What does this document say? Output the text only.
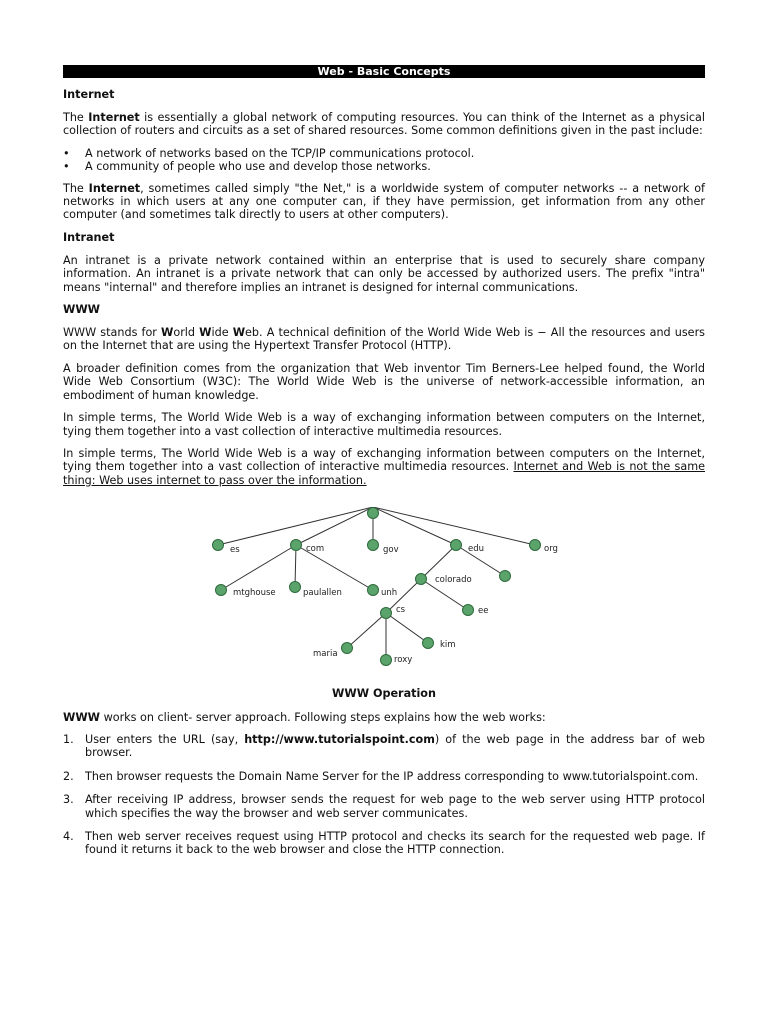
Web - Basic Concepts
Internet

The Internet is essentially a global network of computing resources. You can think of the Internet as a physical collection of routers and circuits as a set of shared resources. Some common definitions given in the past include:

• A network of networks based on the TCP/IP communications protocol.
• A community of people who use and develop those networks.

The Internet, sometimes called simply "the Net," is a worldwide system of computer networks -- a network of networks in which users at any one computer can, if they have permission, get information from any other computer (and sometimes talk directly to users at other computers).

Intranet

An intranet is a private network contained within an enterprise that is used to securely share company information. An intranet is a private network that can only be accessed by authorized users. The prefix "intra" means "internal" and therefore implies an intranet is designed for internal communications.

WWW

WWW stands for World Wide Web. A technical definition of the World Wide Web is − All the resources and users on the Internet that are using the Hypertext Transfer Protocol (HTTP).

A broader definition comes from the organization that Web inventor Tim Berners-Lee helped found, the World Wide Web Consortium (W3C): The World Wide Web is the universe of network-accessible information, an embodiment of human knowledge.

In simple terms, The World Wide Web is a way of exchanging information between computers on the Internet, tying them together into a vast collection of interactive multimedia resources.

In simple terms, The World Wide Web is a way of exchanging information between computers on the Internet, tying them together into a vast collection of interactive multimedia resources. Internet and Web is not the same thing: Web uses internet to pass over the information.

es	com	gov	edu	org
mtghouse	paulallen	unh
colorado
cs	ee
maria
roxy
kim
WWW Operation

WWW works on client- server approach. Following steps explains how the web works:

1. User enters the URL (say, http://www.tutorialspoint.com) of the web page in the address bar of web browser.
2. Then browser requests the Domain Name Server for the IP address corresponding to www.tutorialspoint.com.
3. After receiving IP address, browser sends the request for web page to the web server using HTTP protocol which specifies the way the browser and web server communicates.
4. Then web server receives request using HTTP protocol and checks its search for the requested web page. If found it returns it back to the web browser and close the HTTP connection.
